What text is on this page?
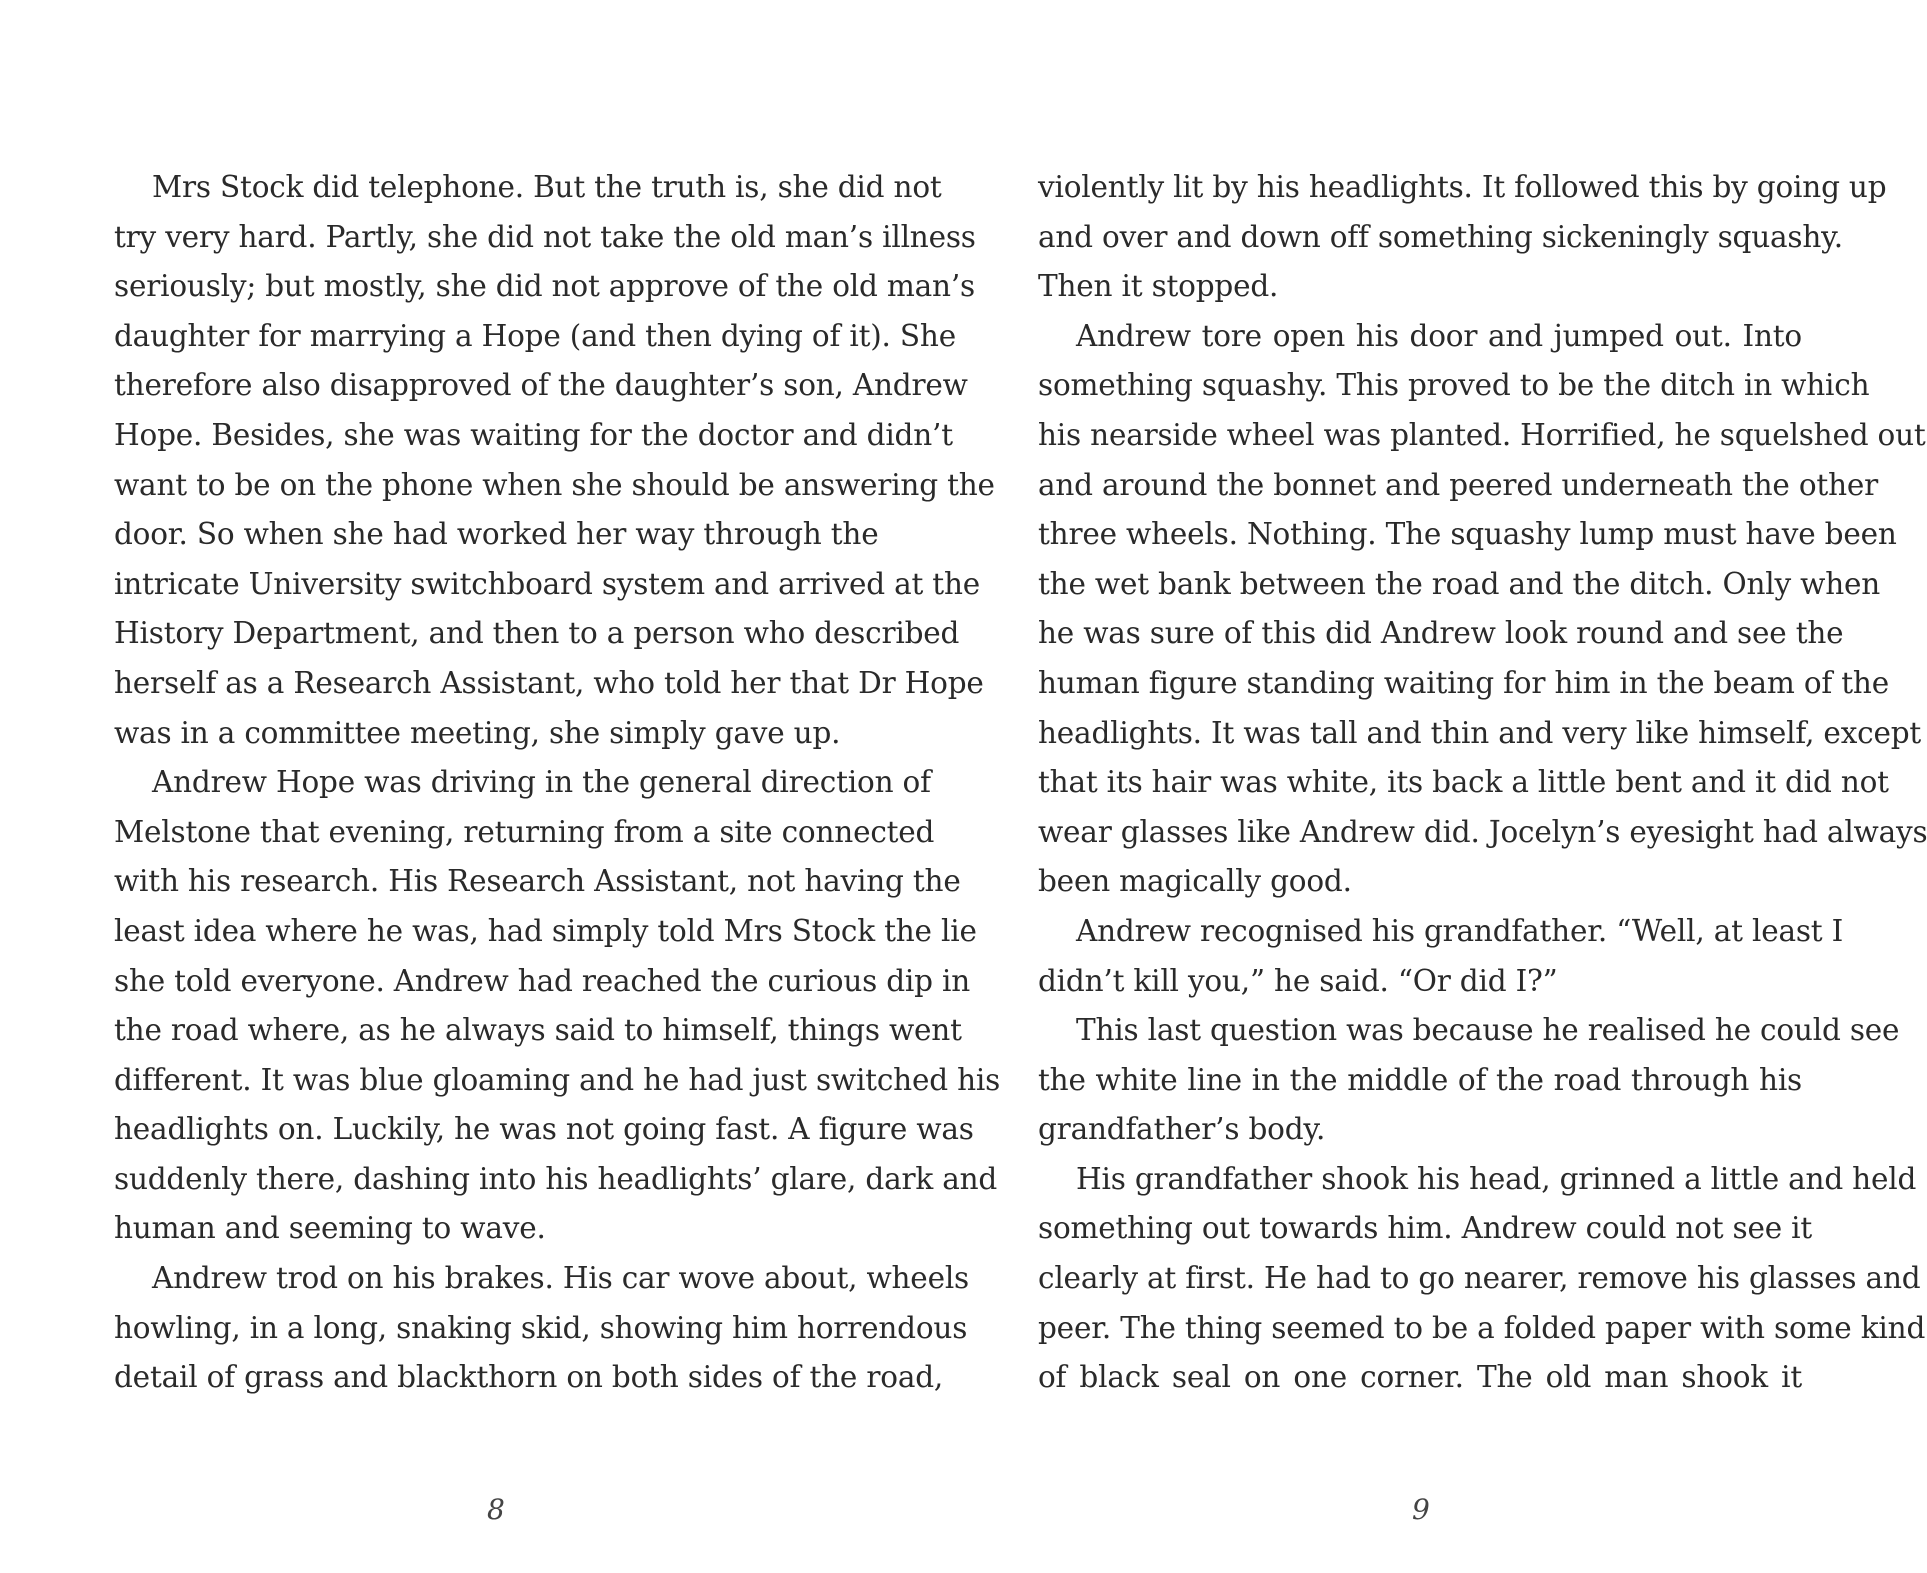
Mrs Stock did telephone. But the truth is, she did not
try very hard. Partly, she did not take the old man’s illness
seriously; but mostly, she did not approve of the old man’s
daughter for marrying a Hope (and then dying of it). She
therefore also disapproved of the daughter’s son, Andrew
Hope. Besides, she was waiting for the doctor and didn’t
want to be on the phone when she should be answering the
door. So when she had worked her way through the
intricate University switchboard system and arrived at the
History Department, and then to a person who described
herself as a Research Assistant, who told her that Dr Hope
was in a committee meeting, she simply gave up.
Andrew Hope was driving in the general direction of
Melstone that evening, returning from a site connected
with his research. His Research Assistant, not having the
least idea where he was, had simply told Mrs Stock the lie
she told everyone. Andrew had reached the curious dip in
the road where, as he always said to himself, things went
different. It was blue gloaming and he had just switched his
headlights on. Luckily, he was not going fast. A figure was
suddenly there, dashing into his headlights’ glare, dark and
human and seeming to wave.
Andrew trod on his brakes. His car wove about, wheels
howling, in a long, snaking skid, showing him horrendous
detail of grass and blackthorn on both sides of the road,
8
violently lit by his headlights. It followed this by going up
and over and down off something sickeningly squashy.
Then it stopped.
Andrew tore open his door and jumped out. Into
something squashy. This proved to be the ditch in which
his nearside wheel was planted. Horrified, he squelshed out
and around the bonnet and peered underneath the other
three wheels. Nothing. The squashy lump must have been
the wet bank between the road and the ditch. Only when
he was sure of this did Andrew look round and see the
human figure standing waiting for him in the beam of the
headlights. It was tall and thin and very like himself, except
that its hair was white, its back a little bent and it did not
wear glasses like Andrew did. Jocelyn’s eyesight had always
been magically good.
Andrew recognised his grandfather. “Well, at least I
didn’t kill you,” he said. “Or did I?”
This last question was because he realised he could see
the white line in the middle of the road through his
grandfather’s body.
His grandfather shook his head, grinned a little and held
something out towards him. Andrew could not see it
clearly at first. He had to go nearer, remove his glasses and
peer. The thing seemed to be a folded paper with some kind
of black seal on one corner. The old man shook it
9
